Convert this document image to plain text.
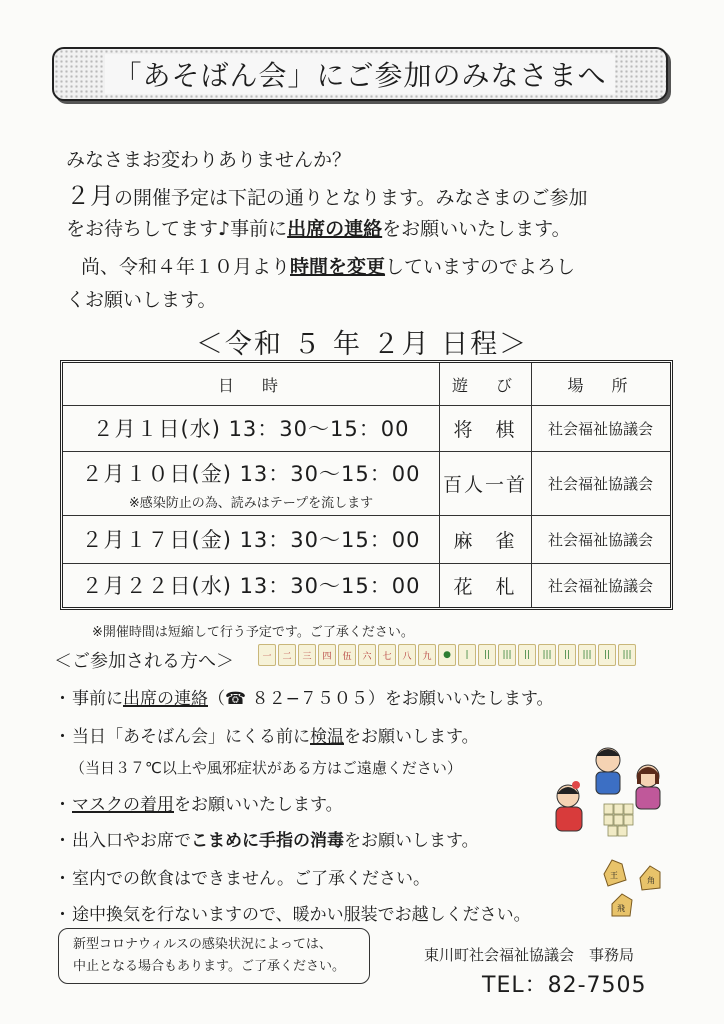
「あそばん会」にご参加のみなさまへ
みなさまお変わりありませんか？
２月の開催予定は下記の通りとなります。みなさまのご参加
をお待ちしてます♪事前に出席の連絡をお願いいたします。
　尚、令和４年１０月より時間を変更していますのでよろし
くお願いします。
＜令和 ５ 年 ２月 日程＞
日　時	遊　び	場　所
２月１日(水) 13：30～15：00	将　棋	社会福祉協議会
２月１０日(金) 13：30～15：00
※感染防止の為、読みはテープを流します
百人一首	社会福祉協議会
２月１７日(金) 13：30～15：00	麻　雀	社会福祉協議会
２月２２日(水) 13：30～15：00	花　札	社会福祉協議会
※開催時間は短縮して行う予定です。ご了承ください。
＜ご参加される方へ＞	一	二	三	四	伍	六	七	八	九	●	|	||	|||	||	|||	||	|||	||	|||
・事前に出席の連絡（☎ ８２−７５０５）をお願いいたします。
・当日「あそばん会」にくる前に検温をお願いします。
（当日３７℃以上や風邪症状がある方はご遠慮ください）
・マスクの着用をお願いいたします。
・出入口やお席でこまめに手指の消毒をお願いします。
・室内での飲食はできません。ご了承ください。
・途中換気を行ないますので、暖かい服装でお越しください。
王
角
飛
新型コロナウィルスの感染状況によっては、
中止となる場合もあります。ご了承ください。
東川町社会福祉協議会　事務局
TEL：82-7505
